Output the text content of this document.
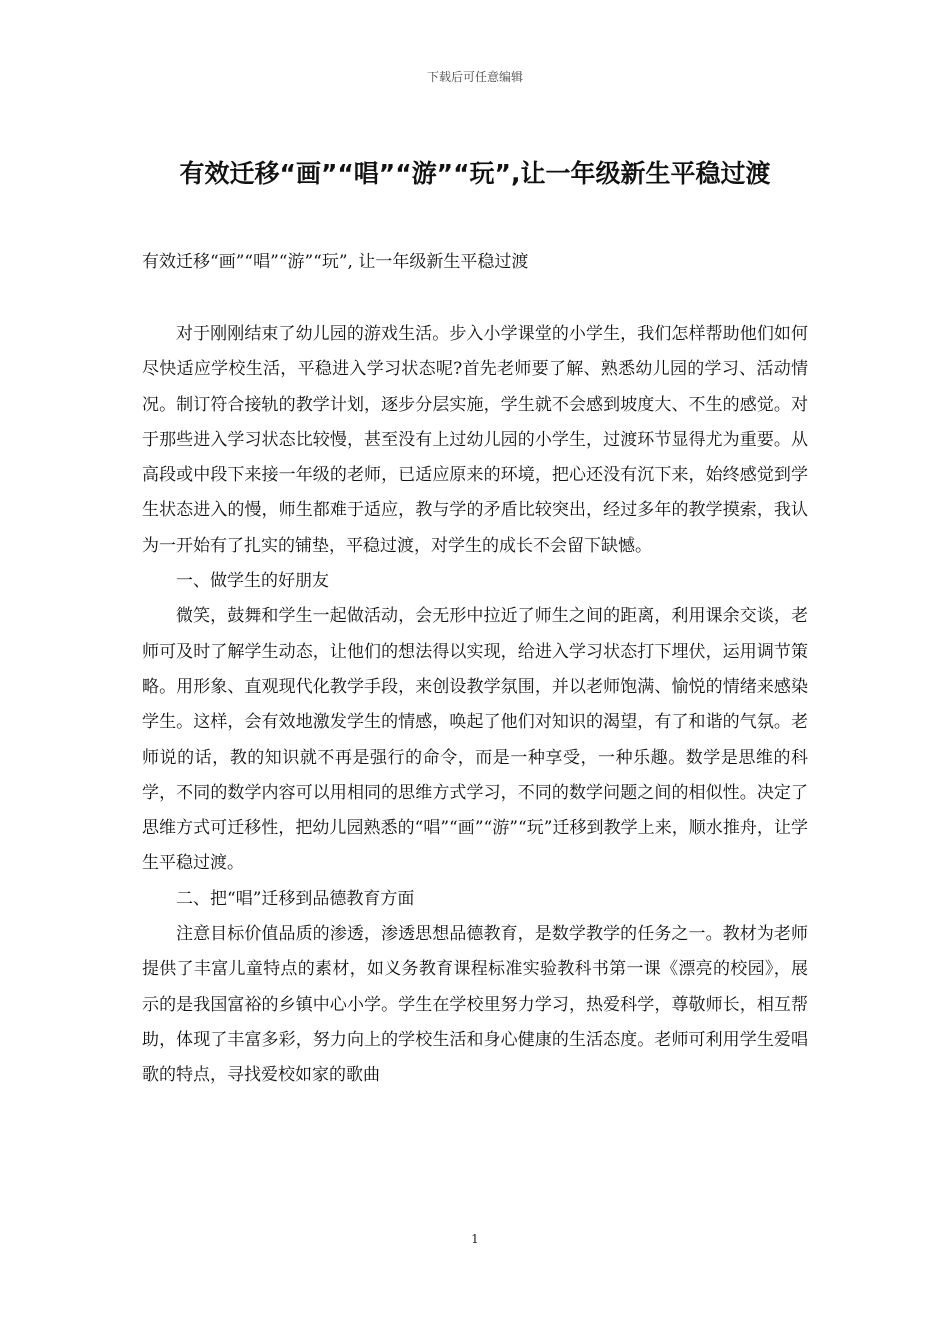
下载后可任意编辑
有效迁移“画”“唱”“游”“玩”,让一年级新生平稳过渡

有效迁移“画”“唱”“游”“玩”, 让一年级新生平稳过渡

对于刚刚结束了幼儿园的游戏生活。步入小学课堂的小学生，我们怎样帮助他们如何尽快适应学校生活，平稳进入学习状态呢?首先老师要了解、熟悉幼儿园的学习、活动情况。制订符合接轨的教学计划，逐步分层实施，学生就不会感到坡度大、不生的感觉。对于那些进入学习状态比较慢，甚至没有上过幼儿园的小学生，过渡环节显得尤为重要。从高段或中段下来接一年级的老师，已适应原来的环境，把心还没有沉下来，始终感觉到学生状态进入的慢，师生都难于适应，教与学的矛盾比较突出，经过多年的教学摸索，我认为一开始有了扎实的铺垫，平稳过渡，对学生的成长不会留下缺憾。

一、做学生的好朋友

微笑，鼓舞和学生一起做活动，会无形中拉近了师生之间的距离，利用课余交谈，老师可及时了解学生动态，让他们的想法得以实现，给进入学习状态打下埋伏，运用调节策略。用形象、直观现代化教学手段，来创设教学氛围，并以老师饱满、愉悦的情绪来感染学生。这样，会有效地激发学生的情感，唤起了他们对知识的渴望，有了和谐的气氛。老师说的话，教的知识就不再是强行的命令，而是一种享受，一种乐趣。数学是思维的科学，不同的数学内容可以用相同的思维方式学习，不同的数学问题之间的相似性。决定了思维方式可迁移性，把幼儿园熟悉的“唱”“画”“游”“玩”迁移到教学上来，顺水推舟，让学生平稳过渡。

二、把“唱”迁移到品德教育方面

注意目标价值品质的渗透，渗透思想品德教育，是数学教学的任务之一。教材为老师提供了丰富儿童特点的素材，如义务教育课程标准实验教科书第一课《漂亮的校园》，展示的是我国富裕的乡镇中心小学。学生在学校里努力学习，热爱科学，尊敬师长，相互帮助，体现了丰富多彩，努力向上的学校生活和身心健康的生活态度。老师可利用学生爱唱歌的特点，寻找爱校如家的歌曲

1
